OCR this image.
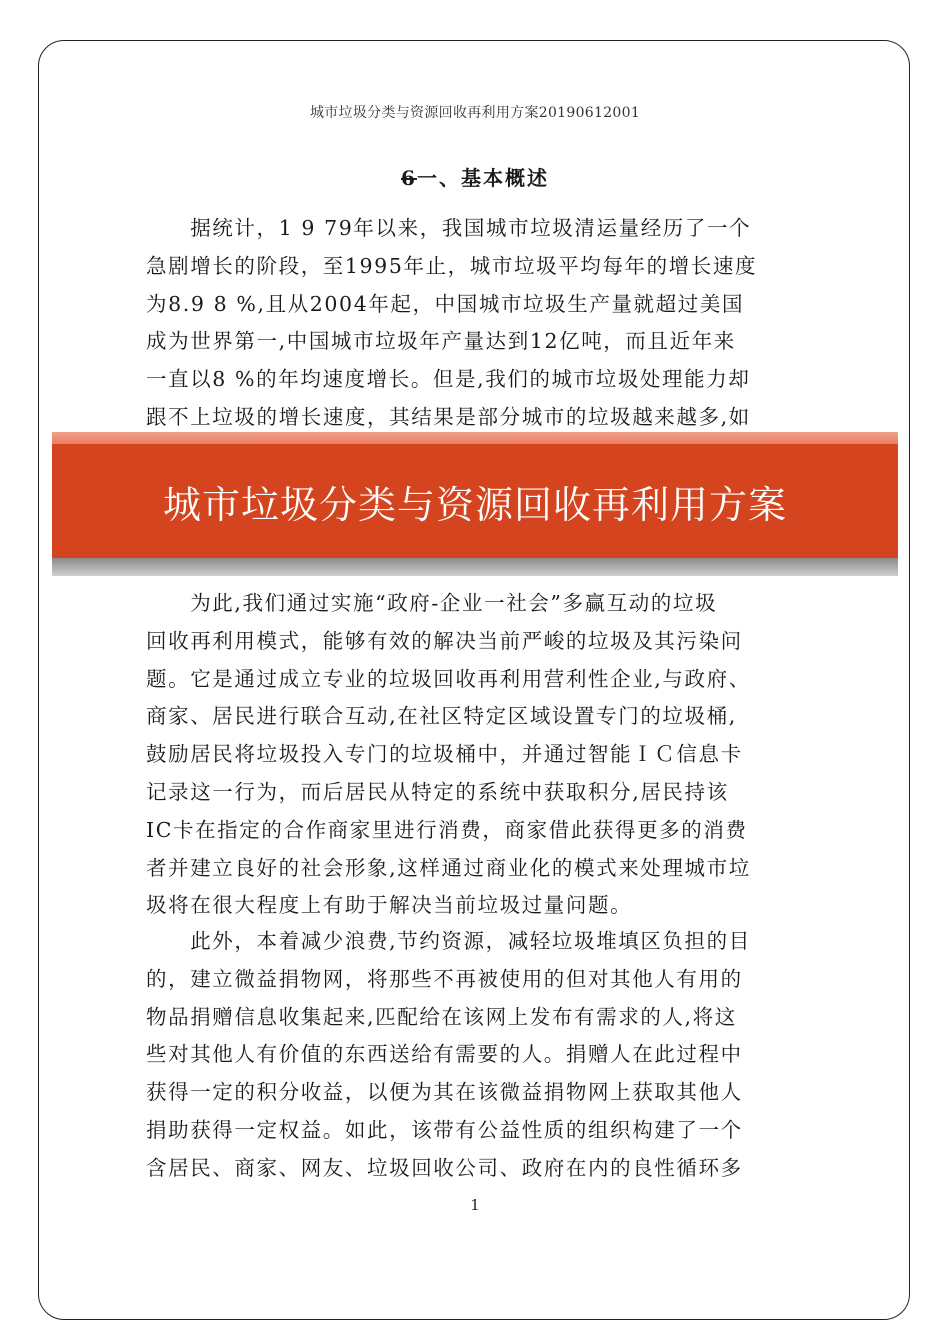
城市垃圾分类与资源回收再利用方案20190612001
6一、基本概述
　　据统计，1 9 79年以来，我国城市垃圾清运量经历了一个
急剧增长的阶段，至1995年止，城市垃圾平均每年的增长速度
为8.9 8 %,且从2004年起，中国城市垃圾生产量就超过美国
成为世界第一,中国城市垃圾年产量达到12亿吨，而且近年来
一直以8 %的年均速度增长。但是,我们的城市垃圾处理能力却
跟不上垃圾的增长速度，其结果是部分城市的垃圾越来越多,如
城市垃圾分类与资源回收再利用方案
　　为此,我们通过实施“政府-企业一社会”多赢互动的垃圾
回收再利用模式，能够有效的解决当前严峻的垃圾及其污染问
题。它是通过成立专业的垃圾回收再利用营利性企业,与政府、
商家、居民进行联合互动,在社区特定区域设置专门的垃圾桶,
鼓励居民将垃圾投入专门的垃圾桶中，并通过智能ＩＣ信息卡
记录这一行为，而后居民从特定的系统中获取积分,居民持该
IC卡在指定的合作商家里进行消费，商家借此获得更多的消费
者并建立良好的社会形象,这样通过商业化的模式来处理城市垃
圾将在很大程度上有助于解决当前垃圾过量问题。
　　此外，本着减少浪费,节约资源，减轻垃圾堆填区负担的目
的，建立微益捐物网，将那些不再被使用的但对其他人有用的
物品捐赠信息收集起来,匹配给在该网上发布有需求的人,将这
些对其他人有价值的东西送给有需要的人。捐赠人在此过程中
获得一定的积分收益，以便为其在该微益捐物网上获取其他人
捐助获得一定权益。如此，该带有公益性质的组织构建了一个
含居民、商家、网友、垃圾回收公司、政府在内的良性循环多
1
